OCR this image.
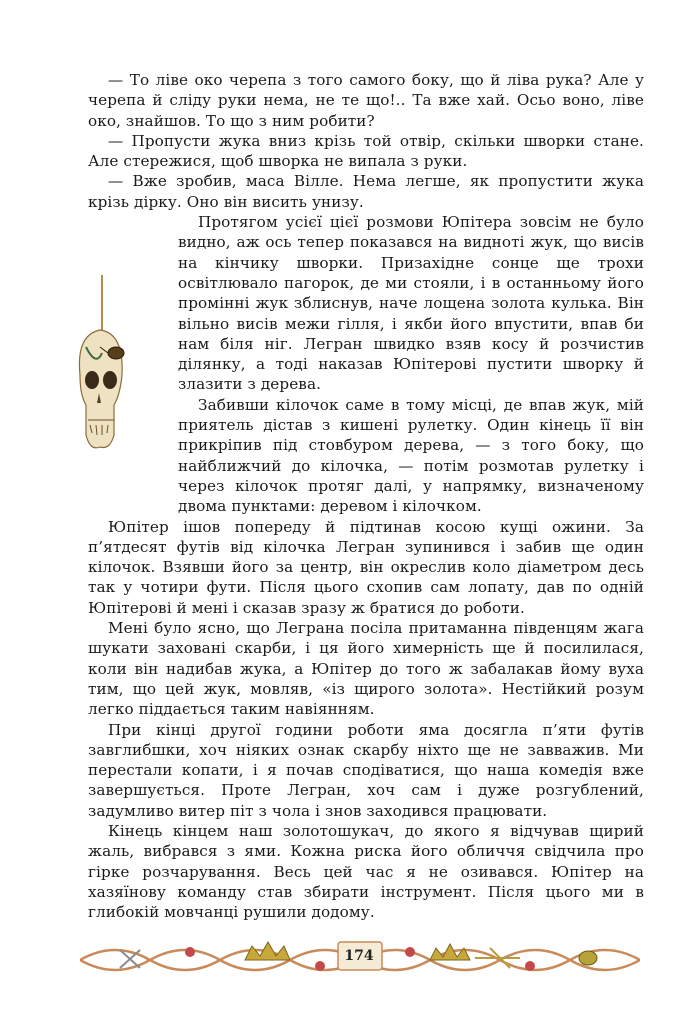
— То ліве око черепа з того самого боку, що й ліва рука? Але у черепа й сліду руки нема, не те що!.. Та вже хай. Осьо воно, ліве око, знайшов. То що з ним робити?

— Пропусти жука вниз крізь той отвір, скільки шворки стане. Але стережися, щоб шворка не випала з руки.

— Вже зробив, маса Вілле. Нема легше, як пропустити жука крізь дірку. Оно він висить унизу.

Протягом усієї цієї розмови Юпітера зовсім не було видно, аж ось тепер показався на видноті жук, що висів на кінчику шворки. Призахідне сонце ще трохи освітлювало пагорок, де ми стояли, і в останньому його промінні жук зблиснув, наче лощена золота кулька. Він вільно висів межи гілля, і якби його впустити, впав би нам біля ніг. Легран швидко взяв косу й розчистив ділянку, а тоді наказав Юпітерові пустити шворку й злазити з дерева.

Забивши кілочок саме в тому місці, де впав жук, мій приятель дістав з кишені рулетку. Один кінець її він прикріпив під стовбуром дерева, — з того боку, що найближчий до кілочка, — потім розмотав рулетку і через кілочок протяг далі, у напрямку, визначеному двома пунктами: деревом і кілочком.

Юпітер ішов попереду й підтинав косою кущі ожини. За п’ятдесят футів від кілочка Легран зупинився і забив ще один кілочок. Взявши його за центр, він окреслив коло діаметром десь так у чотири фути. Після цього схопив сам лопату, дав по одній Юпітерові й мені і сказав зразу ж братися до роботи.

Мені було ясно, що Леграна посіла притаманна південцям жага шукати заховані скарби, і ця його химерність ще й посилилася, коли він надибав жука, а Юпітер до того ж забалакав йому вуха тим, що цей жук, мовляв, «із щирого золота». Нестійкий розум легко піддається таким навіянням.

При кінці другої години роботи яма досягла п’яти футів завглибшки, хоч ніяких ознак скарбу ніхто ще не завважив. Ми перестали копати, і я почав сподіватися, що наша комедія вже завершується. Проте Легран, хоч сам і дуже розгублений, задумливо витер піт з чола і знов заходився працювати.

Кінець кінцем наш золотошукач, до якого я відчував щирий жаль, вибрався з ями. Кожна риска його обличчя свідчила про гірке розчарування. Весь цей час я не озивався. Юпітер на хазяїнову команду став збирати інструмент. Після цього ми в глибокій мовчанці рушили додому.

174
